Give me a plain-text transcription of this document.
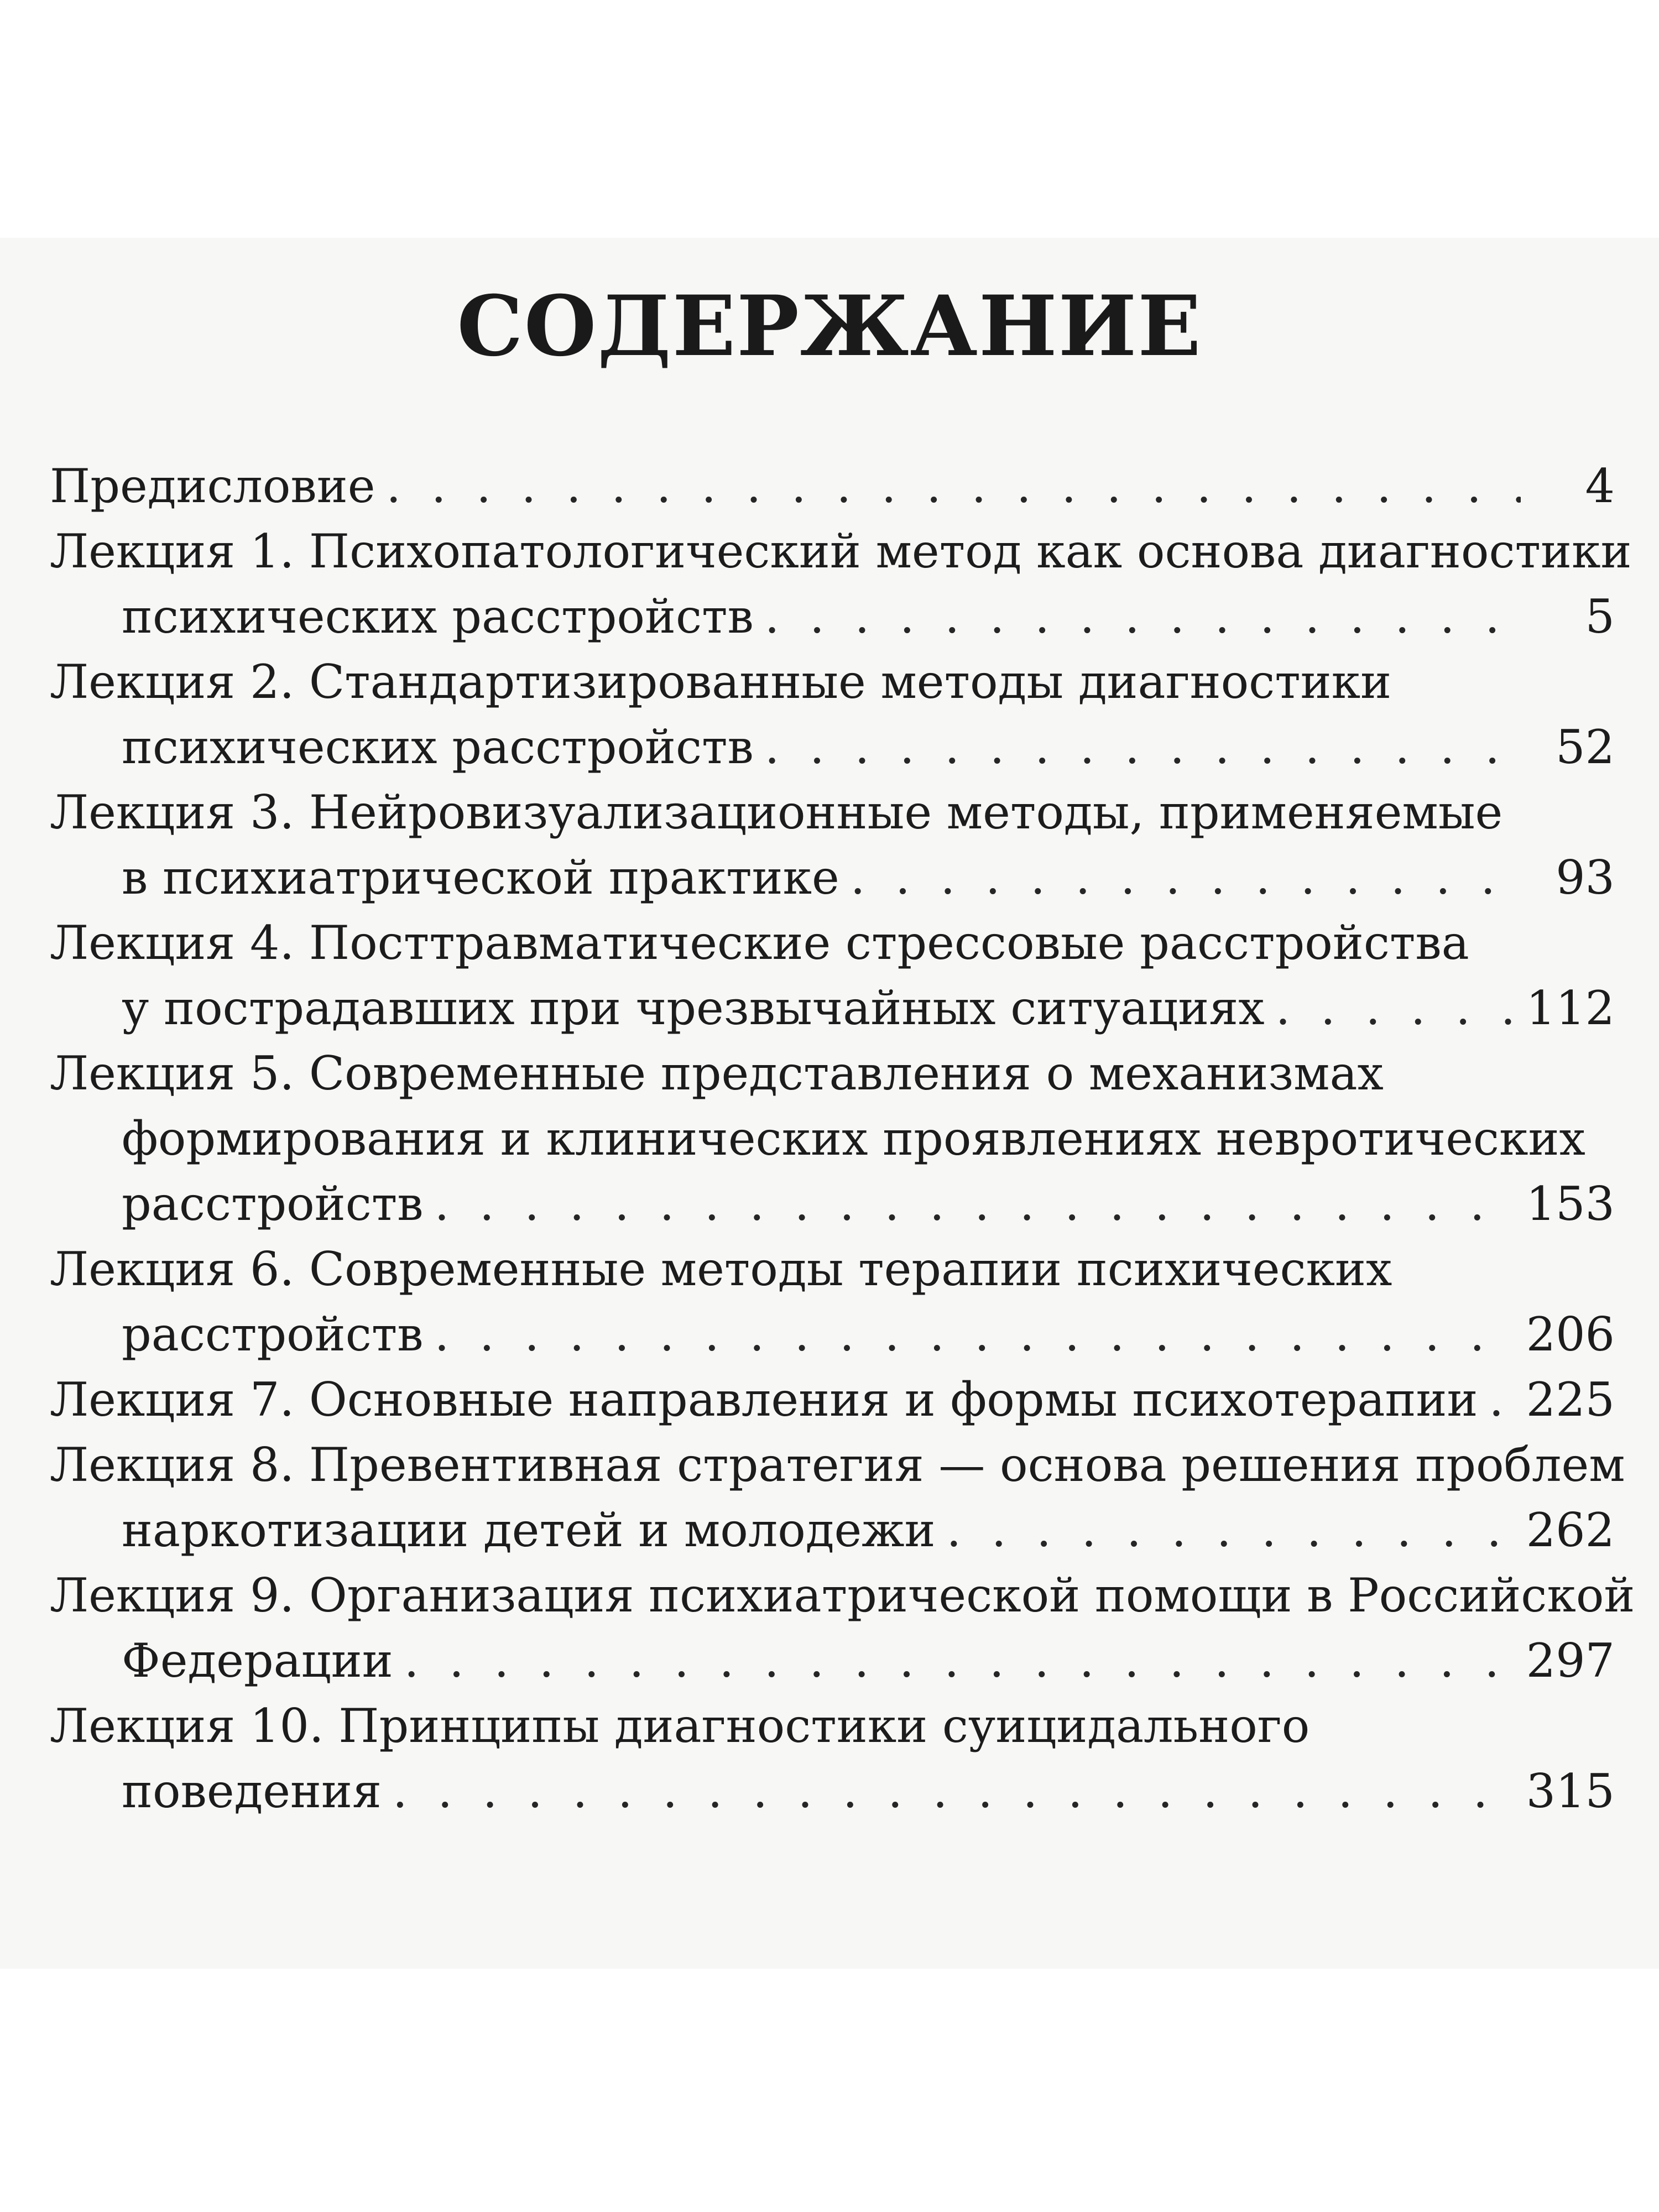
СОДЕРЖАНИЕ
Предисловие . . .	4
Лекция 1. Психопатологический метод как основа диагностики
психических расстройств . . .	5
Лекция 2. Стандартизированные методы диагностики
психических расстройств . . .	52
Лекция 3. Нейровизуализационные методы, применяемые
в психиатрической практике . . .	93
Лекция 4. Посттравматические стрессовые расстройства
у пострадавших при чрезвычайных ситуациях . . .	112
Лекция 5. Современные представления о механизмах
формирования и клинических проявлениях невротических
расстройств . . .	153
Лекция 6. Современные методы терапии психических
расстройств . . .	206
Лекция 7. Основные направления и формы психотерапии . . . 225
Лекция 8. Превентивная стратегия — основа решения проблем
наркотизации детей и молодежи . . .	262
Лекция 9. Организация психиатрической помощи в Российской
Федерации . . .	297
Лекция 10. Принципы диагностики суицидального
поведения . . .	315
